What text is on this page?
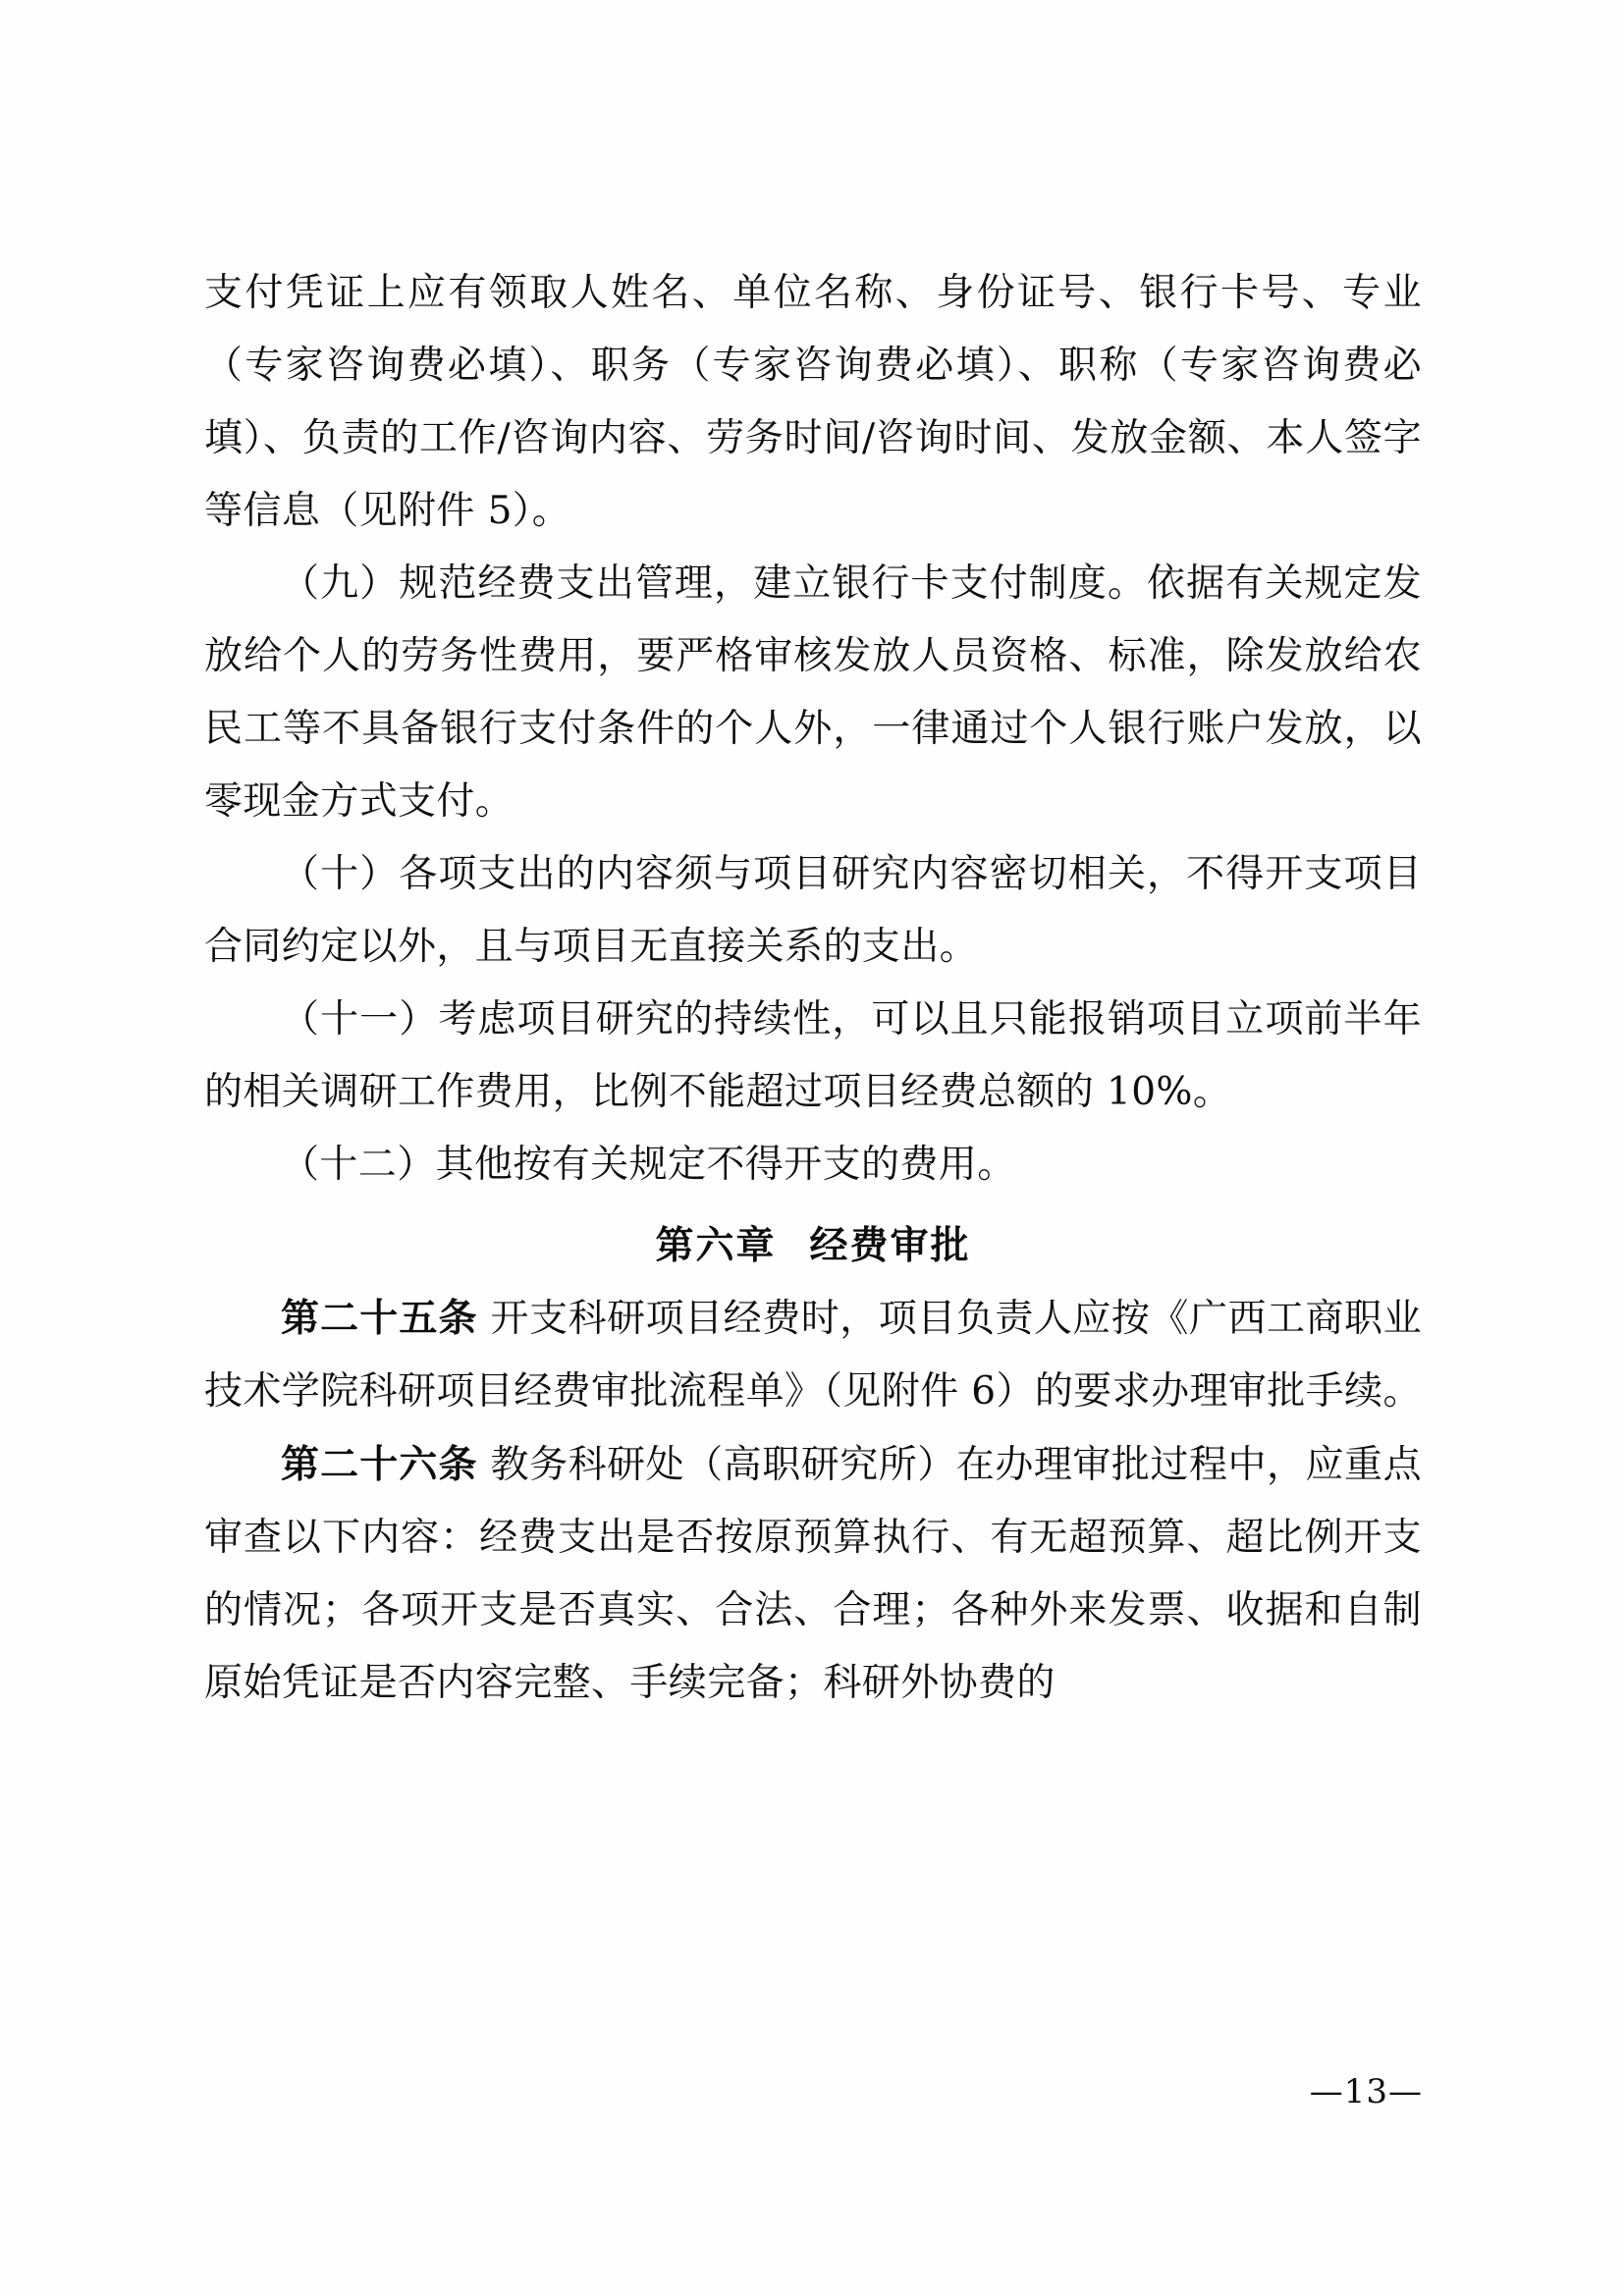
支付凭证上应有领取人姓名、单位名称、身份证号、银行卡号、专业（专家咨询费必填）、职务（专家咨询费必填）、职称（专家咨询费必填）、负责的工作/咨询内容、劳务时间/咨询时间、发放金额、本人签字等信息（见附件 5）。

（九）规范经费支出管理，建立银行卡支付制度。依据有关规定发放给个人的劳务性费用，要严格审核发放人员资格、标准，除发放给农民工等不具备银行支付条件的个人外，一律通过个人银行账户发放，以零现金方式支付。

（十）各项支出的内容须与项目研究内容密切相关，不得开支项目合同约定以外，且与项目无直接关系的支出。

（十一）考虑项目研究的持续性，可以且只能报销项目立项前半年的相关调研工作费用，比例不能超过项目经费总额的 10%。

（十二）其他按有关规定不得开支的费用。

第六章 经费审批

第二十五条 开支科研项目经费时，项目负责人应按《广西工商职业技术学院科研项目经费审批流程单》（见附件 6）的要求办理审批手续。

第二十六条 教务科研处（高职研究所）在办理审批过程中，应重点审查以下内容：经费支出是否按原预算执行、有无超预算、超比例开支的情况；各项开支是否真实、合法、合理；各种外来发票、收据和自制原始凭证是否内容完整、手续完备；科研外协费的

—13—
